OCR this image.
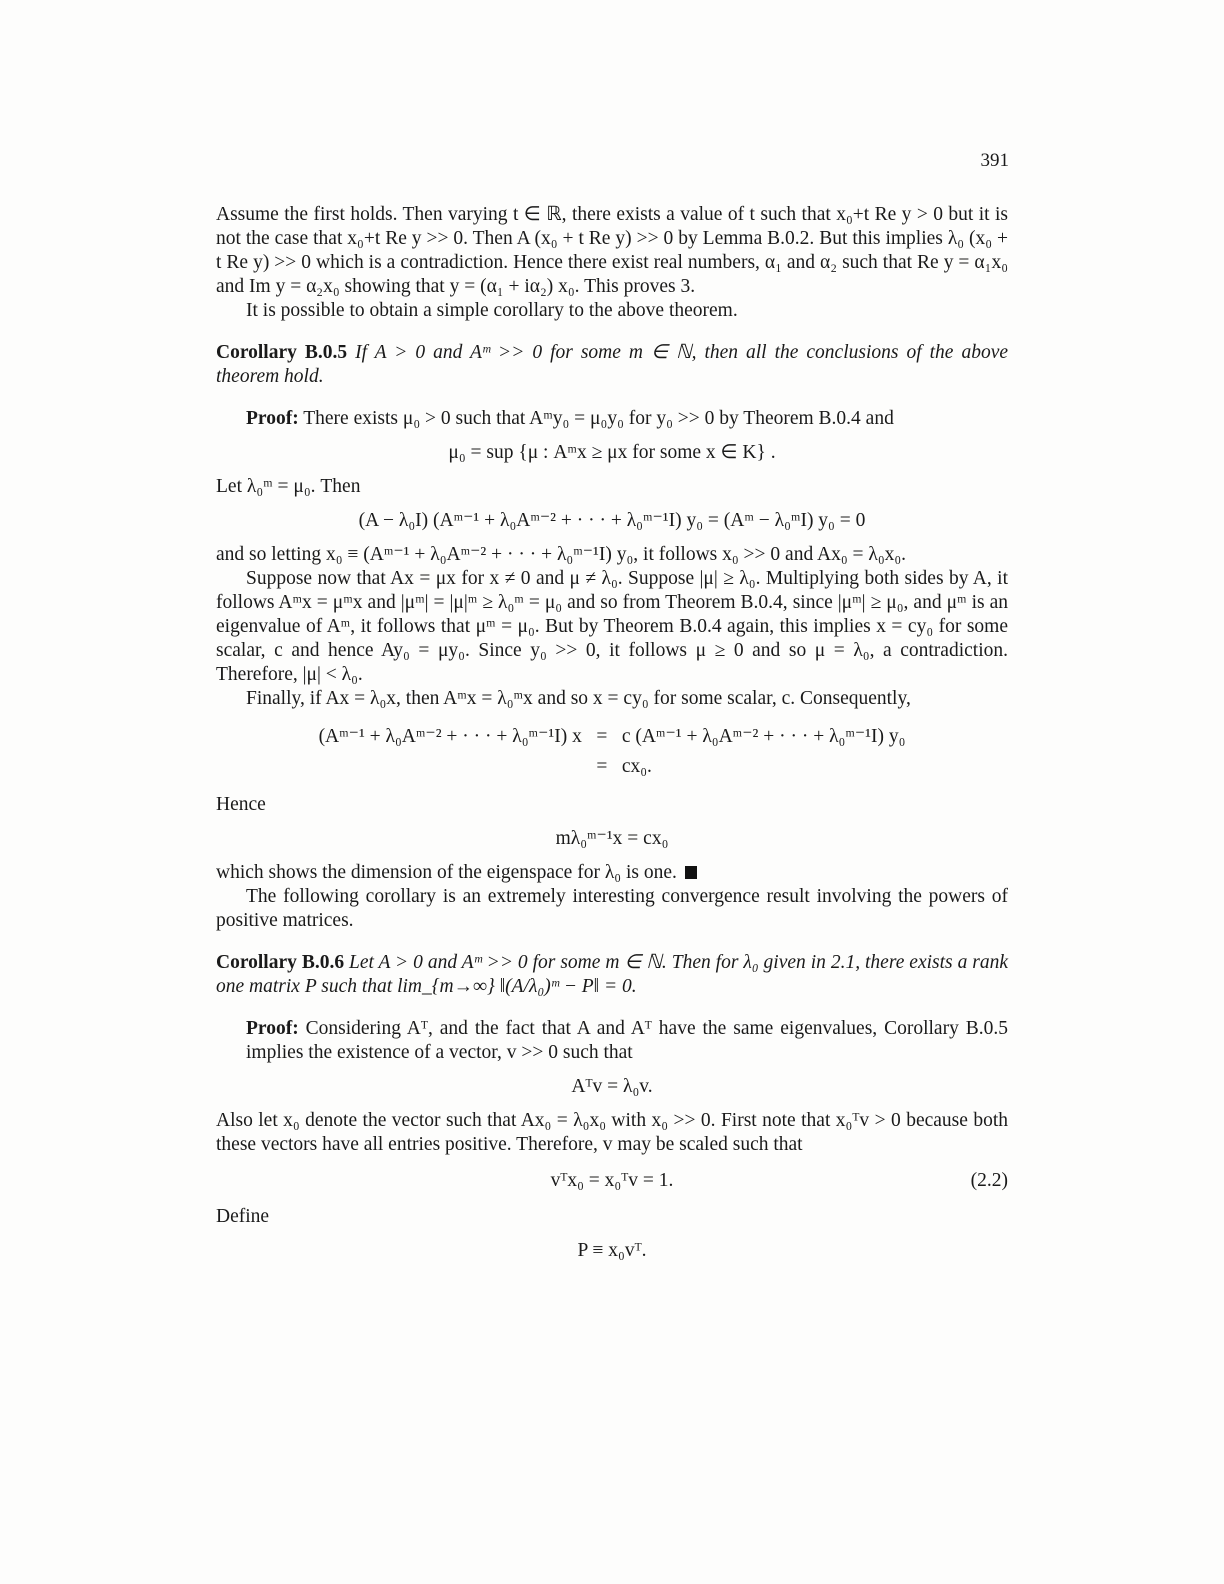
391

Assume the first holds. Then varying t ∈ ℝ, there exists a value of t such that x₀+t Re y > 0 but it is not the case that x₀+t Re y >> 0. Then A (x₀ + t Re y) >> 0 by Lemma B.0.2. But this implies λ₀ (x₀ + t Re y) >> 0 which is a contradiction. Hence there exist real numbers, α₁ and α₂ such that Re y = α₁x₀ and Im y = α₂x₀ showing that y = (α₁ + iα₂) x₀. This proves 3.

It is possible to obtain a simple corollary to the above theorem.

Corollary B.0.5 If A > 0 and Aᵐ >> 0 for some m ∈ ℕ, then all the conclusions of the above theorem hold.

Proof: There exists μ₀ > 0 such that Aᵐy₀ = μ₀y₀ for y₀ >> 0 by Theorem B.0.4 and

μ₀ = sup {μ : Aᵐx ≥ μx for some x ∈ K} .

Let λ₀ᵐ = μ₀. Then

(A − λ₀I) (Aᵐ⁻¹ + λ₀Aᵐ⁻² + · · · + λ₀ᵐ⁻¹I) y₀ = (Aᵐ − λ₀ᵐI) y₀ = 0

and so letting x₀ ≡ (Aᵐ⁻¹ + λ₀Aᵐ⁻² + · · · + λ₀ᵐ⁻¹I) y₀, it follows x₀ >> 0 and Ax₀ = λ₀x₀.

Suppose now that Ax = μx for x ≠ 0 and μ ≠ λ₀. Suppose |μ| ≥ λ₀. Multiplying both sides by A, it follows Aᵐx = μᵐx and |μᵐ| = |μ|ᵐ ≥ λ₀ᵐ = μ₀ and so from Theorem B.0.4, since |μᵐ| ≥ μ₀, and μᵐ is an eigenvalue of Aᵐ, it follows that μᵐ = μ₀. But by Theorem B.0.4 again, this implies x = cy₀ for some scalar, c and hence Ay₀ = μy₀. Since y₀ >> 0, it follows μ ≥ 0 and so μ = λ₀, a contradiction. Therefore, |μ| < λ₀.

Finally, if Ax = λ₀x, then Aᵐx = λ₀ᵐx and so x = cy₀ for some scalar, c. Consequently,

(Aᵐ⁻¹ + λ₀Aᵐ⁻² + · · · + λ₀ᵐ⁻¹I) x = c (Aᵐ⁻¹ + λ₀Aᵐ⁻² + · · · + λ₀ᵐ⁻¹I) y₀
= cx₀.

Hence

mλ₀ᵐ⁻¹x = cx₀

which shows the dimension of the eigenspace for λ₀ is one.

The following corollary is an extremely interesting convergence result involving the powers of positive matrices.

Corollary B.0.6 Let A > 0 and Aᵐ >> 0 for some m ∈ ℕ. Then for λ₀ given in 2.1, there exists a rank one matrix P such that lim_{m→∞} ‖(A/λ₀)ᵐ − P‖ = 0.

Proof: Considering Aᵀ, and the fact that A and Aᵀ have the same eigenvalues, Corollary B.0.5 implies the existence of a vector, v >> 0 such that

Aᵀv = λ₀v.

Also let x₀ denote the vector such that Ax₀ = λ₀x₀ with x₀ >> 0. First note that x₀ᵀv > 0 because both these vectors have all entries positive. Therefore, v may be scaled such that

vᵀx₀ = x₀ᵀv = 1.	(2.2)

Define

P ≡ x₀vᵀ.
